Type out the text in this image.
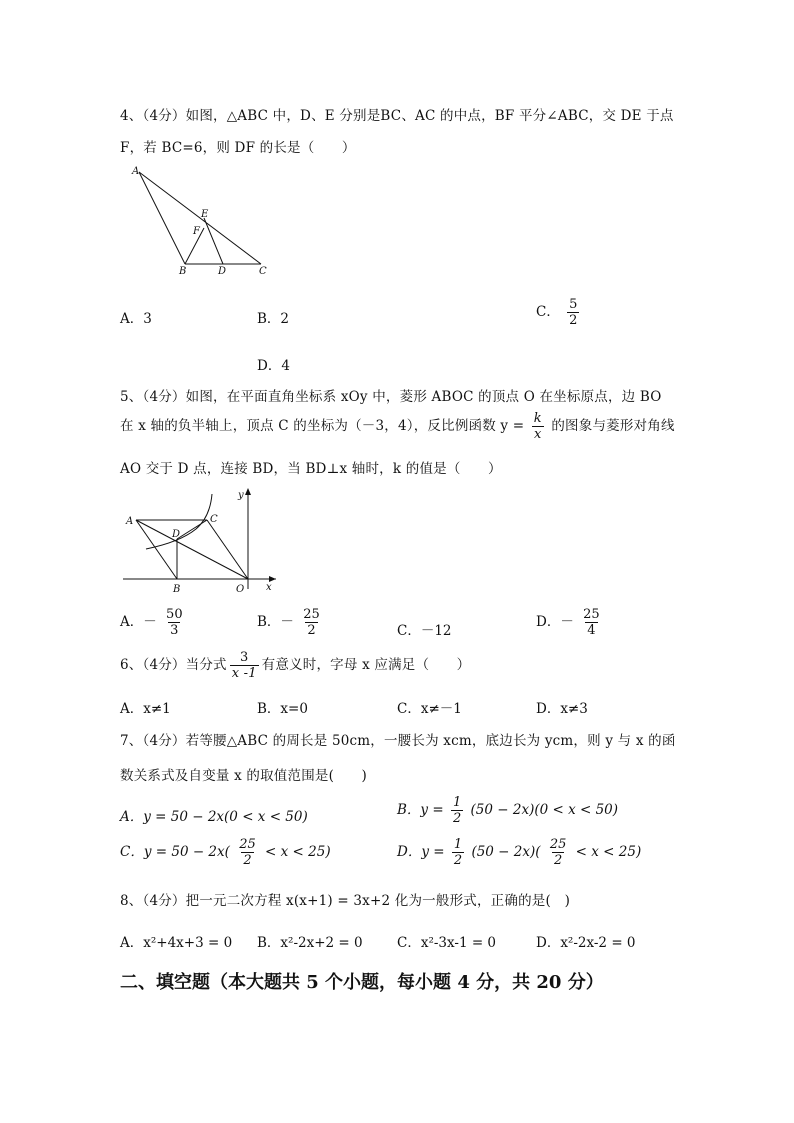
4、（4分）如图，△ABC 中，D、E 分别是BC、AC 的中点，BF 平分∠ABC，交 DE 于点
F，若 BC=6，则 DF 的长是（　　）
A
B	C
D
E
F
A．3	B．2	C． $\frac{5}{2}$
D．4
5、（4分）如图，在平面直角坐标系 xOy 中，菱形 ABOC 的顶点 O 在坐标原点，边 BO
在 x 轴的负半轴上，顶点 C 的坐标为（－3，4），反比例函数 $y = \frac{k}{x}$ 的图象与菱形对角线
AO 交于 D 点，连接 BD，当 BD⊥x 轴时，k 的值是（　　）
A
B
C
D
O x
y
A．－ $\frac{50}{3}$	B．－ $\frac{25}{2}$	C．－12
D．－ $\frac{25}{4}$
6、（4分）当分式 $\frac{3}{x -1}$ 有意义时，字母 x 应满足（　　）
A．x≠1	B．x=0	C．x≠－1	D．x≠3
7、（4分）若等腰△ABC 的周长是 50cm，一腰长为 xcm，底边长为 ycm，则 y 与 x 的函
数关系式及自变量 x 的取值范围是(　　)
A．y = 50 − 2x(0 < x < 50)	B．$y = \frac{1}{2} (50 - 2x)(0 < x < 50)$
C．$y = 50 - 2x( \frac{25}{2} < x < 25)$	D．$y = \frac{1}{2} (50 - 2x)( \frac{25}{2} < x < 25)$
8、（4分）把一元二次方程 x(x+1) = 3x+2 化为一般形式，正确的是(　)
A．x²+4x+3 = 0 B．x²-2x+2 = 0	C．x²-3x-1 = 0	D．x²-2x-2 = 0
二、填空题（本大题共 5 个小题，每小题 4 分，共 20 分）
